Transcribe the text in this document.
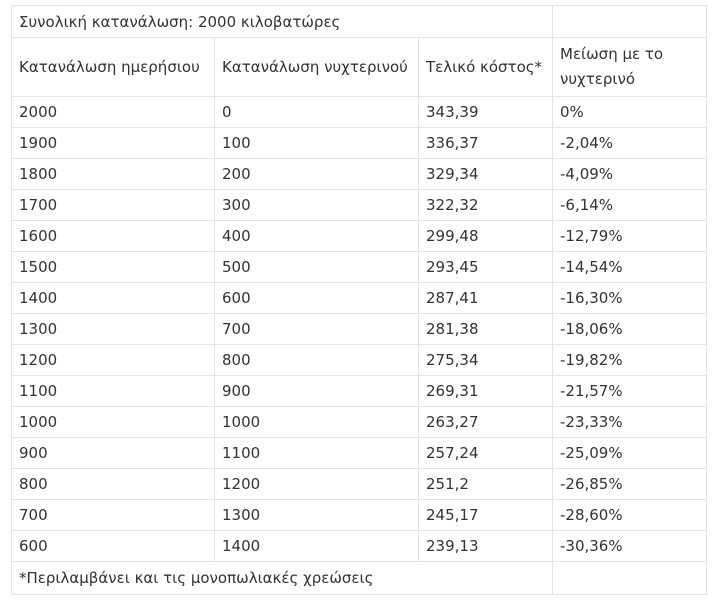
Συνολική κατανάλωση: 2000 κιλοβατώρες			
Κατανάλωση ημερήσιου	Κατανάλωση νυχτερινού	Τελικό κόστος*	Μείωση με το νυχτερινό
2000	0	343,39	0%
1900	100	336,37	-2,04%
1800	200	329,34	-4,09%
1700	300	322,32	-6,14%
1600	400	299,48	-12,79%
1500	500	293,45	-14,54%
1400	600	287,41	-16,30%
1300	700	281,38	-18,06%
1200	800	275,34	-19,82%
1100	900	269,31	-21,57%
1000	1000	263,27	-23,33%
900	1100	257,24	-25,09%
800	1200	251,2	-26,85%
700	1300	245,17	-28,60%
600	1400	239,13	-30,36%
*Περιλαμβάνει και τις μονοπωλιακές χρεώσεις			
